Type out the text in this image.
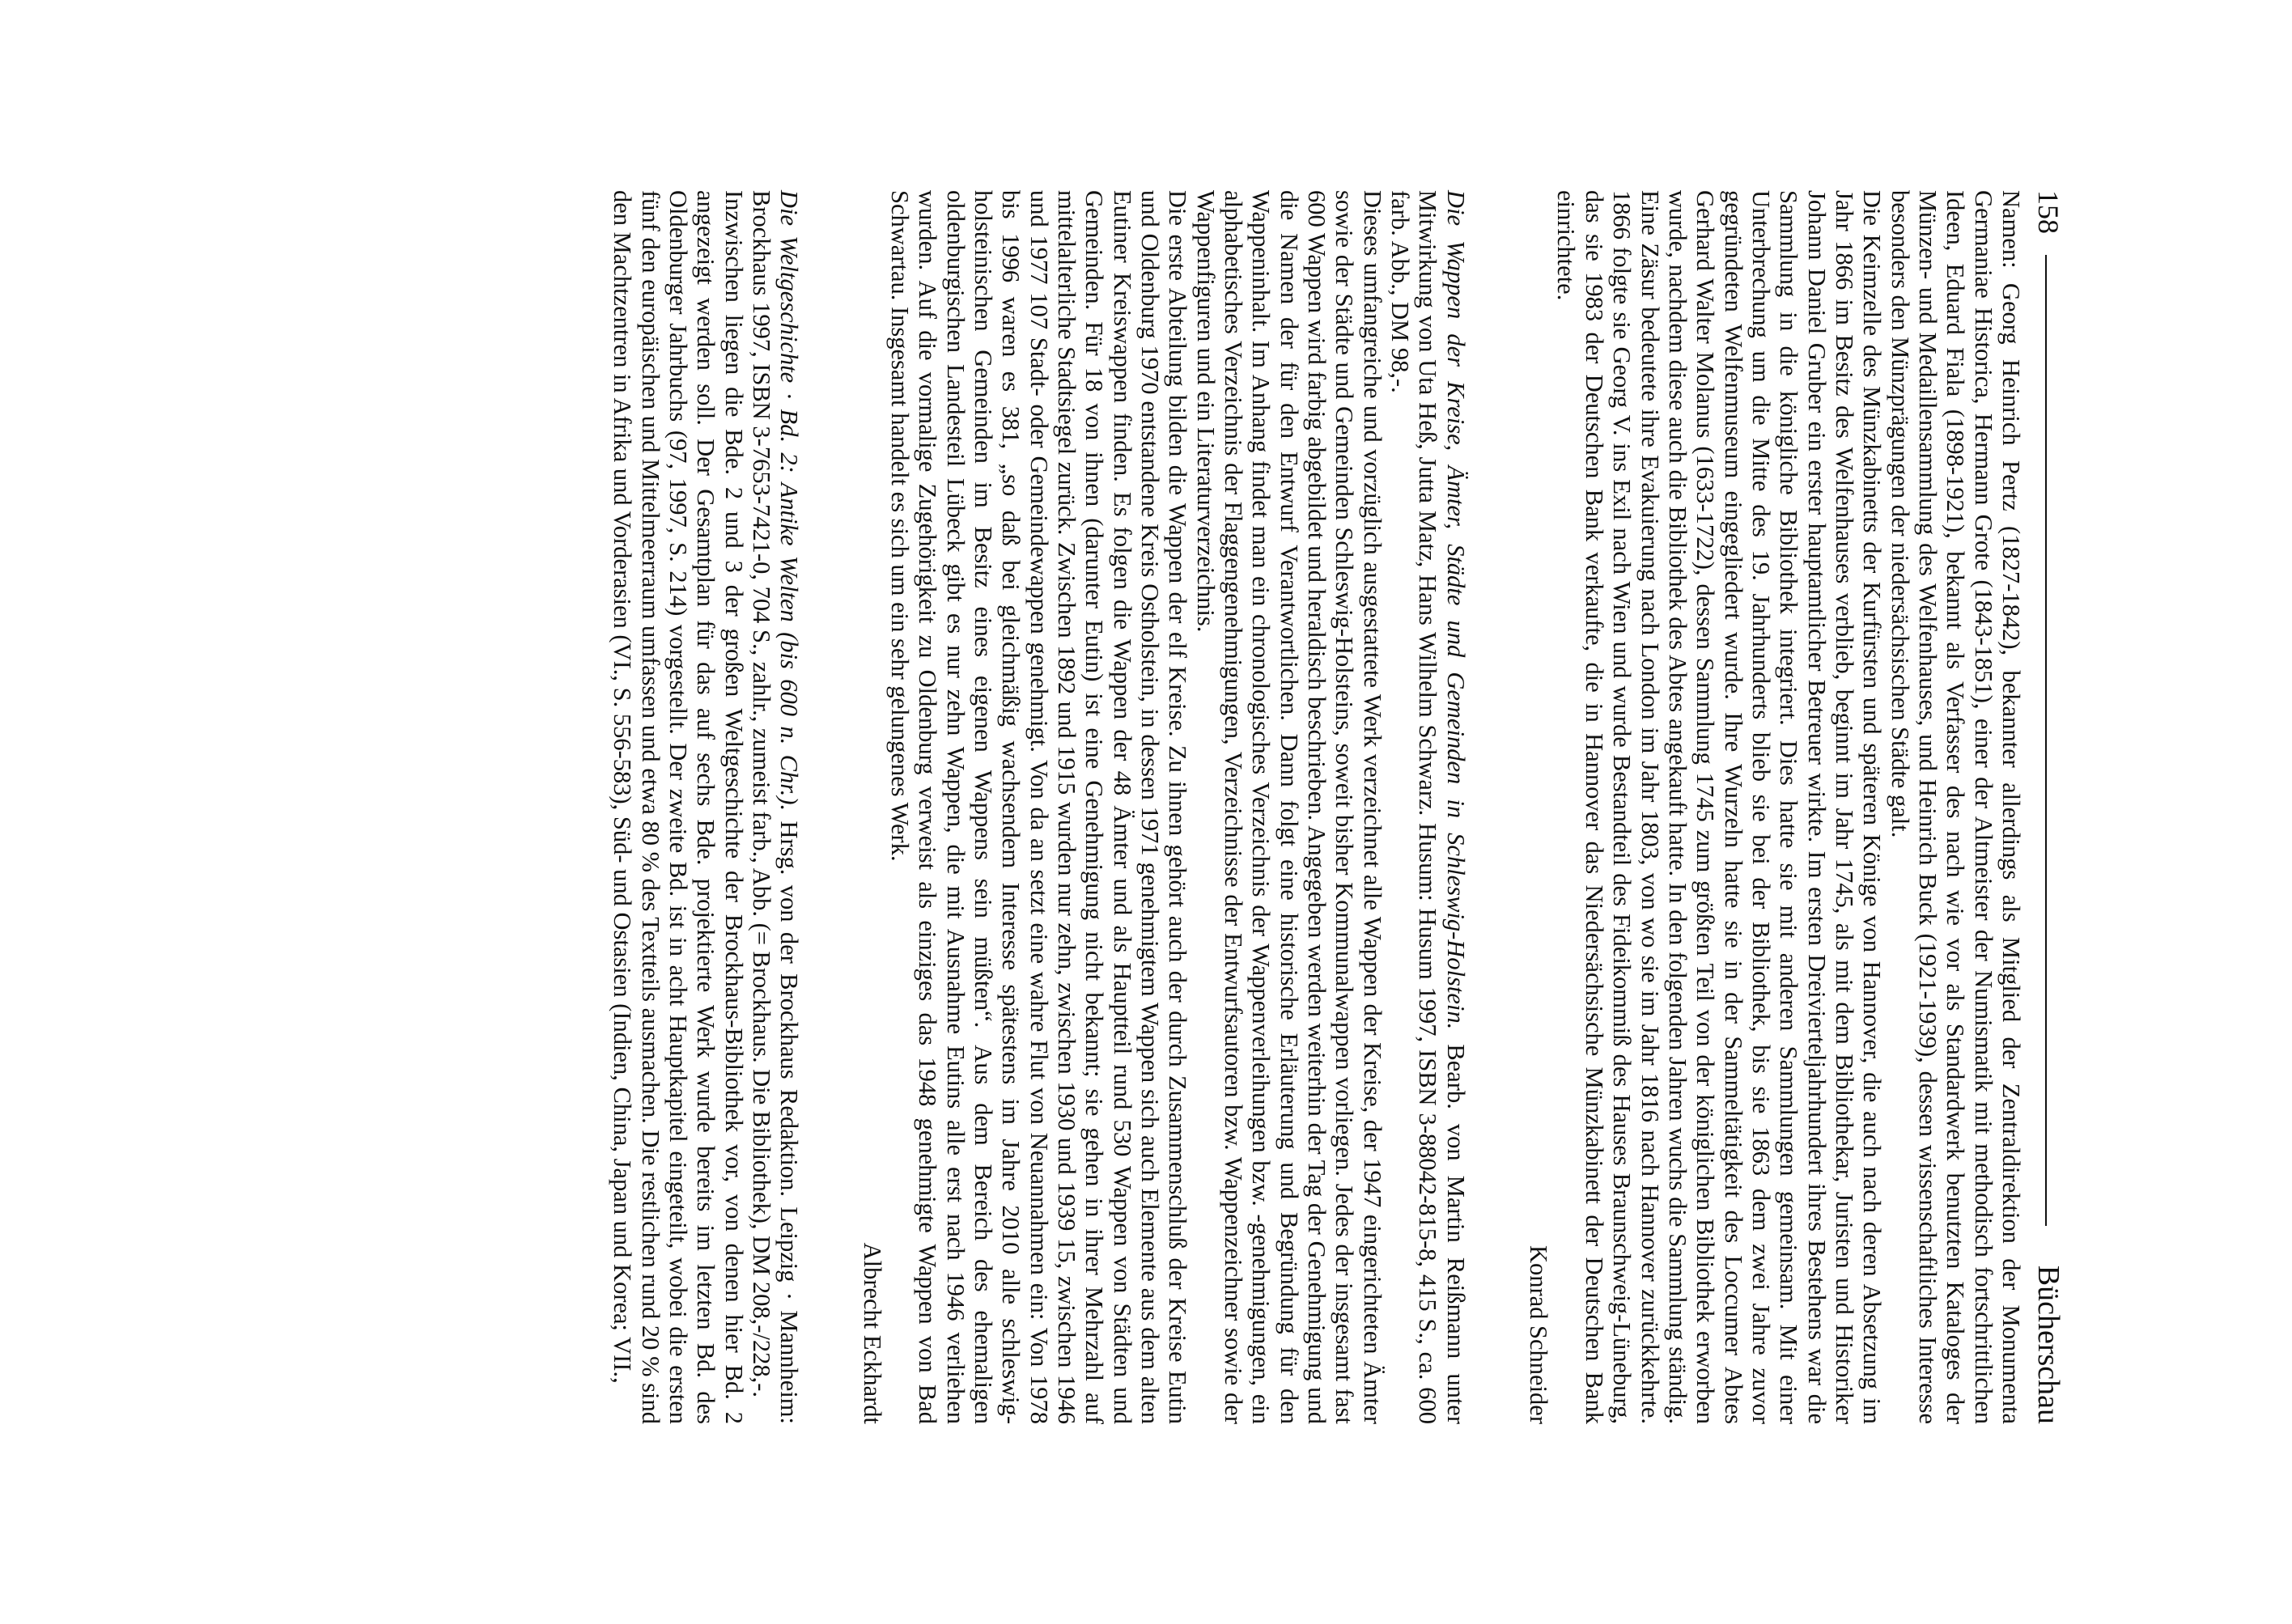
158
Bücherschau

Namen: Georg Heinrich Pertz (1827-1842), bekannter allerdings als Mitglied der Zentraldirektion der Monumenta Germaniae Historica, Hermann Grote (1843-1851), einer der Altmeister der Numismatik mit methodisch fortschrittlichen Ideen, Eduard Fiala (1898-1921), bekannt als Verfasser des nach wie vor als Standardwerk benutzten Kataloges der Münzen- und Medaillensammlung des Welfenhauses, und Heinrich Buck (1921-1939), dessen wissenschaftliches Interesse besonders den Münzprägungen der niedersächsischen Städte galt.

Die Keimzelle des Münzkabinetts der Kurfürsten und späteren Könige von Hannover, die auch nach deren Absetzung im Jahr 1866 im Besitz des Welfenhauses verblieb, beginnt im Jahr 1745, als mit dem Bibliothekar, Juristen und Historiker Johann Daniel Gruber ein erster hauptamtlicher Betreuer wirkte. Im ersten Dreivierteljahrhundert ihres Bestehens war die Sammlung in die königliche Bibliothek integriert. Dies hatte sie mit anderen Sammlungen gemeinsam. Mit einer Unterbrechung um die Mitte des 19. Jahrhunderts blieb sie bei der Bibliothek, bis sie 1863 dem zwei Jahre zuvor gegründeten Welfenmuseum eingegliedert wurde. Ihre Wurzeln hatte sie in der Sammeltätigkeit des Loccumer Abtes Gerhard Walter Molanus (1633-1722), dessen Sammlung 1745 zum größten Teil von der königlichen Bibliothek erworben wurde, nachdem diese auch die Bibliothek des Abtes angekauft hatte. In den folgenden Jahren wuchs die Sammlung ständig. Eine Zäsur bedeutete ihre Evakuierung nach London im Jahr 1803, von wo sie im Jahr 1816 nach Hannover zurückkehrte. 1866 folgte sie Georg V. ins Exil nach Wien und wurde Bestandteil des Fideikommiß des Hauses Braunschweig-Lüneburg, das sie 1983 der Deutschen Bank verkaufte, die in Hannover das Niedersächsische Münzkabinett der Deutschen Bank einrichtete.

Konrad Schneider

Die Wappen der Kreise, Ämter, Städte und Gemeinden in Schleswig-Holstein. Bearb. von Martin Reißmann unter Mitwirkung von Uta Heß, Jutta Matz, Hans Wilhelm Schwarz. Husum: Husum 1997, ISBN 3-88042-815-8, 415 S., ca. 600 farb. Abb., DM 98,-.

Dieses umfangreiche und vorzüglich ausgestattete Werk verzeichnet alle Wappen der Kreise, der 1947 eingerichteten Ämter sowie der Städte und Gemeinden Schleswig-Holsteins, soweit bisher Kommunalwappen vorliegen. Jedes der insgesamt fast 600 Wappen wird farbig abgebildet und heraldisch beschrieben. Angegeben werden weiterhin der Tag der Genehmigung und die Namen der für den Entwurf Verantwortlichen. Dann folgt eine historische Erläuterung und Begründung für den Wappeninhalt. Im Anhang findet man ein chronologisches Verzeichnis der Wappenverleihungen bzw. -genehmigungen, ein alphabetisches Verzeichnis der Flaggengenehmigungen, Verzeichnisse der Entwurfsautoren bzw. Wappenzeichner sowie der Wappenfiguren und ein Literaturverzeichnis.

Die erste Abteilung bilden die Wappen der elf Kreise. Zu ihnen gehört auch der durch Zusammenschluß der Kreise Eutin und Oldenburg 1970 entstandene Kreis Ostholstein, in dessen 1971 genehmigtem Wappen sich auch Elemente aus dem alten Eutiner Kreiswappen finden. Es folgen die Wappen der 48 Ämter und als Hauptteil rund 530 Wappen von Städten und Gemeinden. Für 18 von ihnen (darunter Eutin) ist eine Genehmigung nicht bekannt; sie gehen in ihrer Mehrzahl auf mittelalterliche Stadtsiegel zurück. Zwischen 1892 und 1915 wurden nur zehn, zwischen 1930 und 1939 15, zwischen 1946 und 1977 107 Stadt- oder Gemeindewappen genehmigt. Von da an setzt eine wahre Flut von Neuannahmen ein: Von 1978 bis 1996 waren es 381, „so daß bei gleichmäßig wachsendem Interesse spätestens im Jahre 2010 alle schleswig-holsteinischen Gemeinden im Besitz eines eigenen Wappens sein müßten“. Aus dem Bereich des ehemaligen oldenburgischen Landesteil Lübeck gibt es nur zehn Wappen, die mit Ausnahme Eutins alle erst nach 1946 verliehen wurden. Auf die vormalige Zugehörigkeit zu Oldenburg verweist als einziges das 1948 genehmigte Wappen von Bad Schwartau. Insgesamt handelt es sich um ein sehr gelungenes Werk.

Albrecht Eckhardt

Die Weltgeschichte · Bd. 2: Antike Welten (bis 600 n. Chr.). Hrsg. von der Brockhaus Redaktion. Leipzig · Mannheim: Brockhaus 1997, ISBN 3-7653-7421-0, 704 S., zahlr., zumeist farb., Abb. (= Brockhaus. Die Bibliothek), DM 208,-/228,-.

Inzwischen liegen die Bde. 2 und 3 der großen Weltgeschichte der Brockhaus-Bibliothek vor, von denen hier Bd. 2 angezeigt werden soll. Der Gesamtplan für das auf sechs Bde. projektierte Werk wurde bereits im letzten Bd. des Oldenburger Jahrbuchs (97, 1997, S. 214) vorgestellt. Der zweite Bd. ist in acht Hauptkapitel eingeteilt, wobei die ersten fünf den europäischen und Mittelmeerraum umfassen und etwa 80 % des Textteils ausmachen. Die restlichen rund 20 % sind den Machtzentren in Afrika und Vorderasien (VI., S. 556-583), Süd- und Ostasien (Indien, China, Japan und Korea; VII.,
